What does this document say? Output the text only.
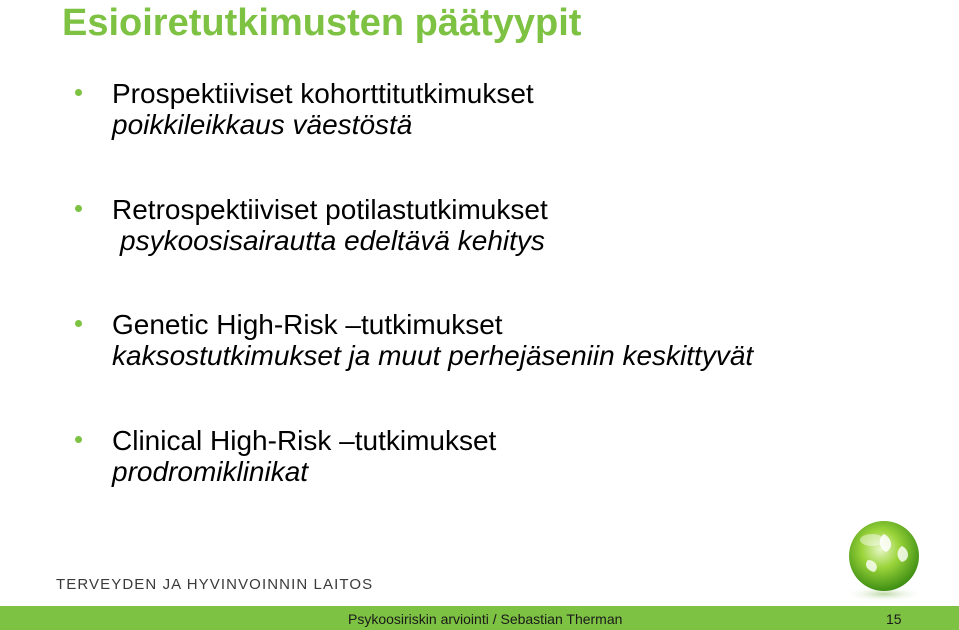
Esioiretutkimusten päätyypit
Prospektiiviset kohorttitutkimukset
poikkileikkaus väestöstä
Retrospektiiviset potilastutkimukset
psykoosisairautta edeltävä kehitys
Genetic High-Risk –tutkimukset
kaksostutkimukset ja muut perhejäseniin keskittyvät
Clinical High-Risk –tutkimukset
prodromiklinikat
TERVEYDEN JA HYVINVOINNIN LAITOS
Psykoosiriskin arviointi / Sebastian Therman	15
